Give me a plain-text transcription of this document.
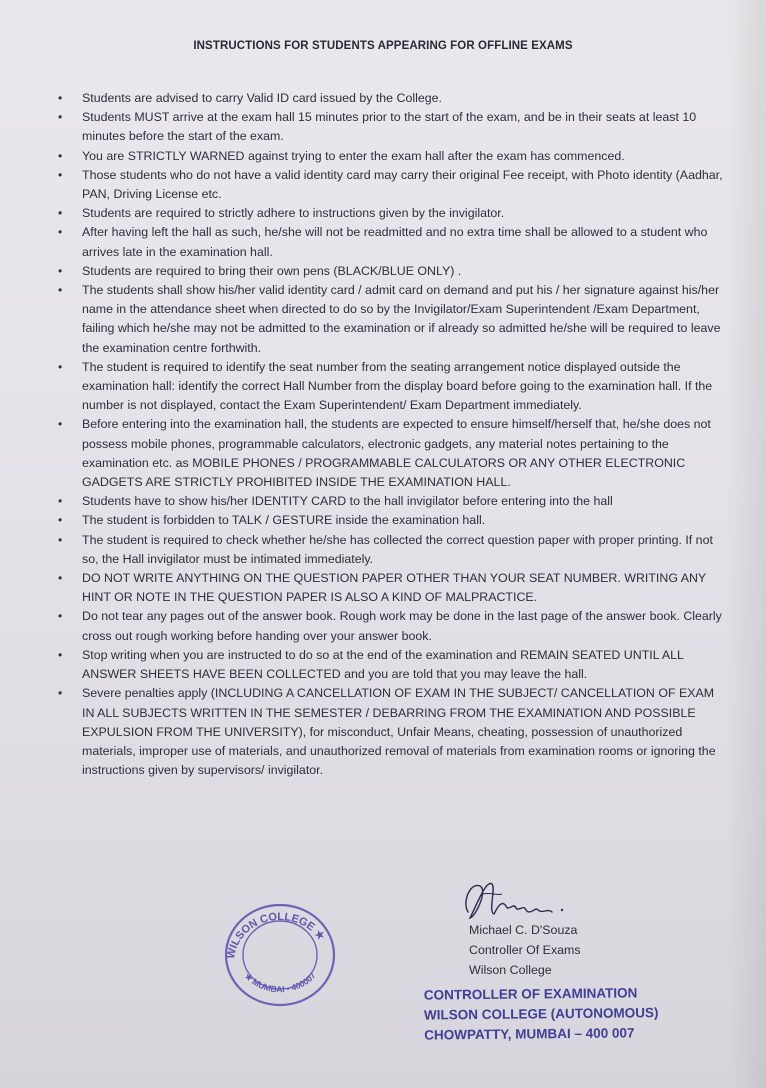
INSTRUCTIONS FOR STUDENTS APPEARING FOR OFFLINE EXAMS
• Students are advised to carry Valid ID card issued by the College.
• Students MUST arrive at the exam hall 15 minutes prior to the start of the exam, and be in their seats at least 10 minutes before the start of the exam.
• You are STRICTLY WARNED against trying to enter the exam hall after the exam has commenced.
• Those students who do not have a valid identity card may carry their original Fee receipt, with Photo identity (Aadhar, PAN, Driving License etc.
• Students are required to strictly adhere to instructions given by the invigilator.
• After having left the hall as such, he/she will not be readmitted and no extra time shall be allowed to a student who arrives late in the examination hall.
• Students are required to bring their own pens (BLACK/BLUE ONLY) .
• The students shall show his/her valid identity card / admit card on demand and put his / her signature against his/her name in the attendance sheet when directed to do so by the Invigilator/Exam Superintendent /Exam Department, failing which he/she may not be admitted to the examination or if already so admitted he/she will be required to leave the examination centre forthwith.
• The student is required to identify the seat number from the seating arrangement notice displayed outside the examination hall: identify the correct Hall Number from the display board before going to the examination hall. If the number is not displayed, contact the Exam Superintendent/ Exam Department immediately.
• Before entering into the examination hall, the students are expected to ensure himself/herself that, he/she does not possess mobile phones, programmable calculators, electronic gadgets, any material notes pertaining to the examination etc. as MOBILE PHONES / PROGRAMMABLE CALCULATORS OR ANY OTHER ELECTRONIC GADGETS ARE STRICTLY PROHIBITED INSIDE THE EXAMINATION HALL.
• Students have to show his/her IDENTITY CARD to the hall invigilator before entering into the hall
• The student is forbidden to TALK / GESTURE inside the examination hall.
• The student is required to check whether he/she has collected the correct question paper with proper printing. If not so, the Hall invigilator must be intimated immediately.
• DO NOT WRITE ANYTHING ON THE QUESTION PAPER OTHER THAN YOUR SEAT NUMBER. WRITING ANY HINT OR NOTE IN THE QUESTION PAPER IS ALSO A KIND OF MALPRACTICE.
• Do not tear any pages out of the answer book. Rough work may be done in the last page of the answer book. Clearly cross out rough working before handing over your answer book.
• Stop writing when you are instructed to do so at the end of the examination and REMAIN SEATED UNTIL ALL ANSWER SHEETS HAVE BEEN COLLECTED and you are told that you may leave the hall.
• Severe penalties apply (INCLUDING A CANCELLATION OF EXAM IN THE SUBJECT/ CANCELLATION OF EXAM IN ALL SUBJECTS WRITTEN IN THE SEMESTER / DEBARRING FROM THE EXAMINATION AND POSSIBLE EXPULSION FROM THE UNIVERSITY), for misconduct, Unfair Means, cheating, possession of unauthorized materials, improper use of materials, and unauthorized removal of materials from examination rooms or ignoring the instructions given by supervisors/ invigilator.
WILSON COLLEGE ★
★ MUMBAI - 400007
Michael C. D'Souza
Controller Of Exams
Wilson College
CONTROLLER OF EXAMINATION
WILSON COLLEGE (AUTONOMOUS)
CHOWPATTY, MUMBAI – 400 007
